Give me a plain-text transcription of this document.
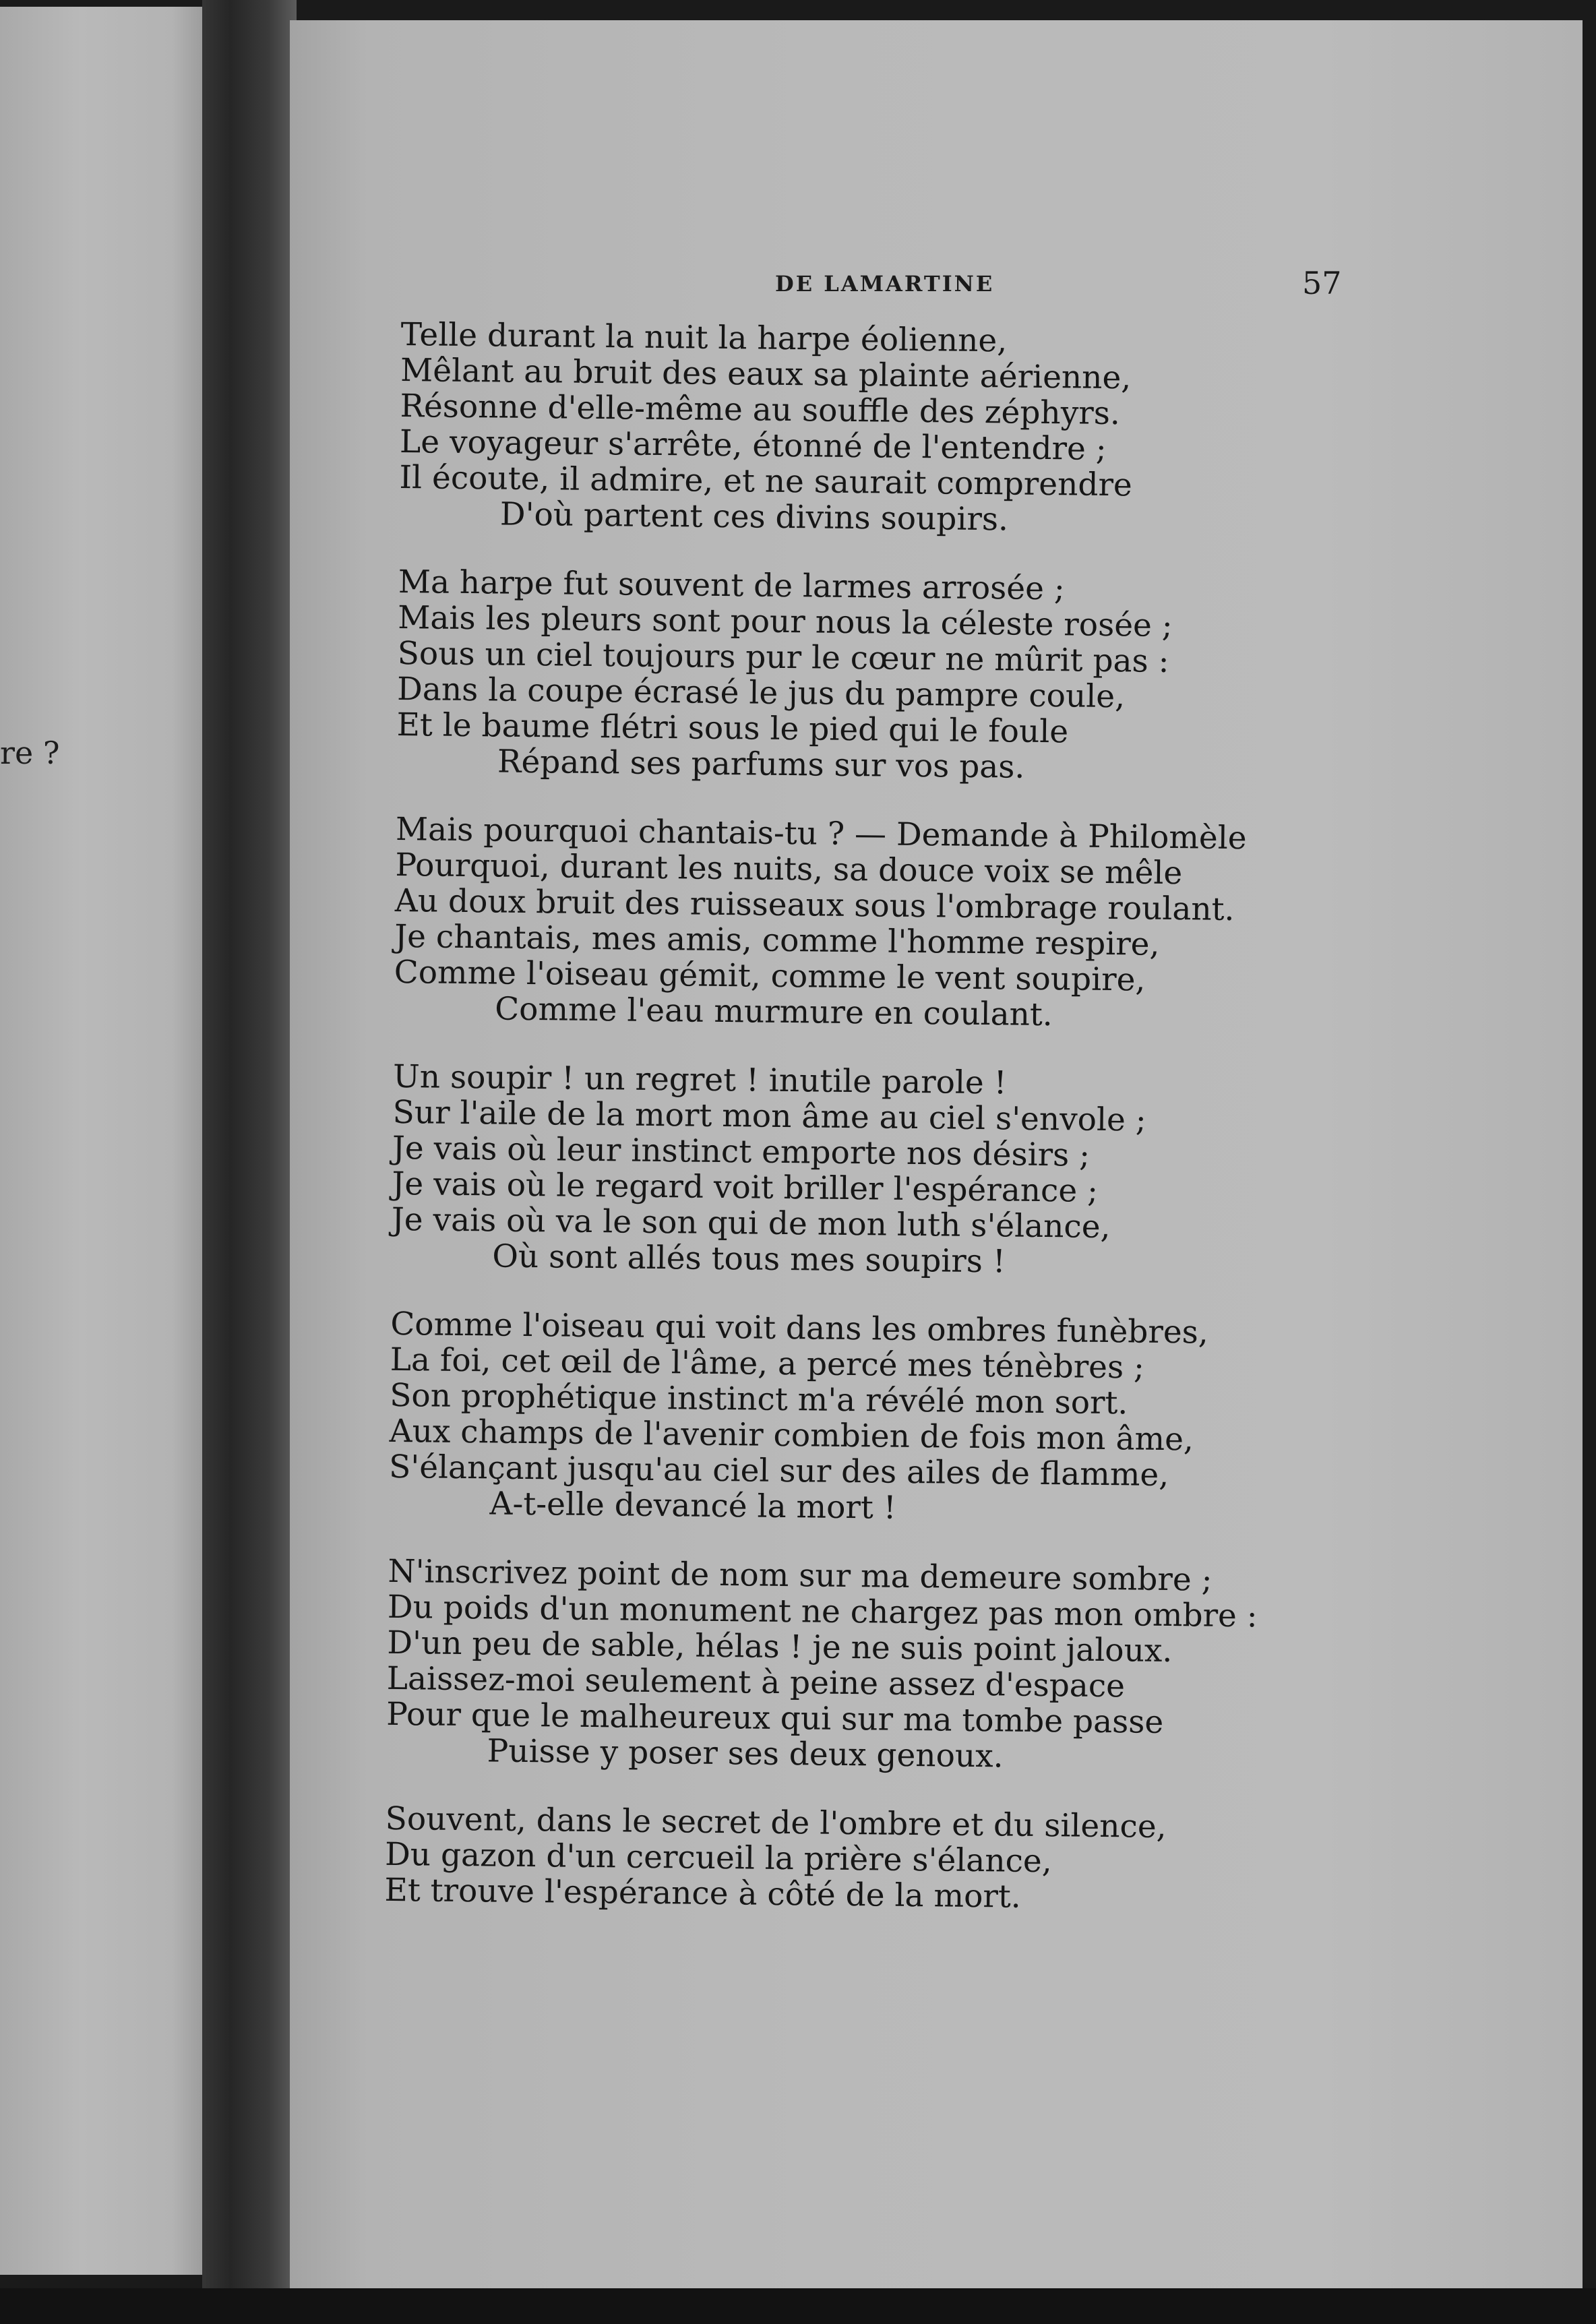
re ?
DE LAMARTINE	57
Telle durant la nuit la harpe éolienne,
Mêlant au bruit des eaux sa plainte aérienne,
Résonne d'elle-même au souffle des zéphyrs.
Le voyageur s'arrête, étonné de l'entendre ;
Il écoute, il admire, et ne saurait comprendre
D'où partent ces divins soupirs.
Ma harpe fut souvent de larmes arrosée ;
Mais les pleurs sont pour nous la céleste rosée ;
Sous un ciel toujours pur le cœur ne mûrit pas :
Dans la coupe écrasé le jus du pampre coule,
Et le baume flétri sous le pied qui le foule
Répand ses parfums sur vos pas.
Mais pourquoi chantais-tu ? — Demande à Philomèle
Pourquoi, durant les nuits, sa douce voix se mêle
Au doux bruit des ruisseaux sous l'ombrage roulant.
Je chantais, mes amis, comme l'homme respire,
Comme l'oiseau gémit, comme le vent soupire,
Comme l'eau murmure en coulant.
Un soupir ! un regret ! inutile parole !
Sur l'aile de la mort mon âme au ciel s'envole ;
Je vais où leur instinct emporte nos désirs ;
Je vais où le regard voit briller l'espérance ;
Je vais où va le son qui de mon luth s'élance,
Où sont allés tous mes soupirs !
Comme l'oiseau qui voit dans les ombres funèbres,
La foi, cet œil de l'âme, a percé mes ténèbres ;
Son prophétique instinct m'a révélé mon sort.
Aux champs de l'avenir combien de fois mon âme,
S'élançant jusqu'au ciel sur des ailes de flamme,
A-t-elle devancé la mort !
N'inscrivez point de nom sur ma demeure sombre ;
Du poids d'un monument ne chargez pas mon ombre :
D'un peu de sable, hélas ! je ne suis point jaloux.
Laissez-moi seulement à peine assez d'espace
Pour que le malheureux qui sur ma tombe passe
Puisse y poser ses deux genoux.
Souvent, dans le secret de l'ombre et du silence,
Du gazon d'un cercueil la prière s'élance,
Et trouve l'espérance à côté de la mort.
